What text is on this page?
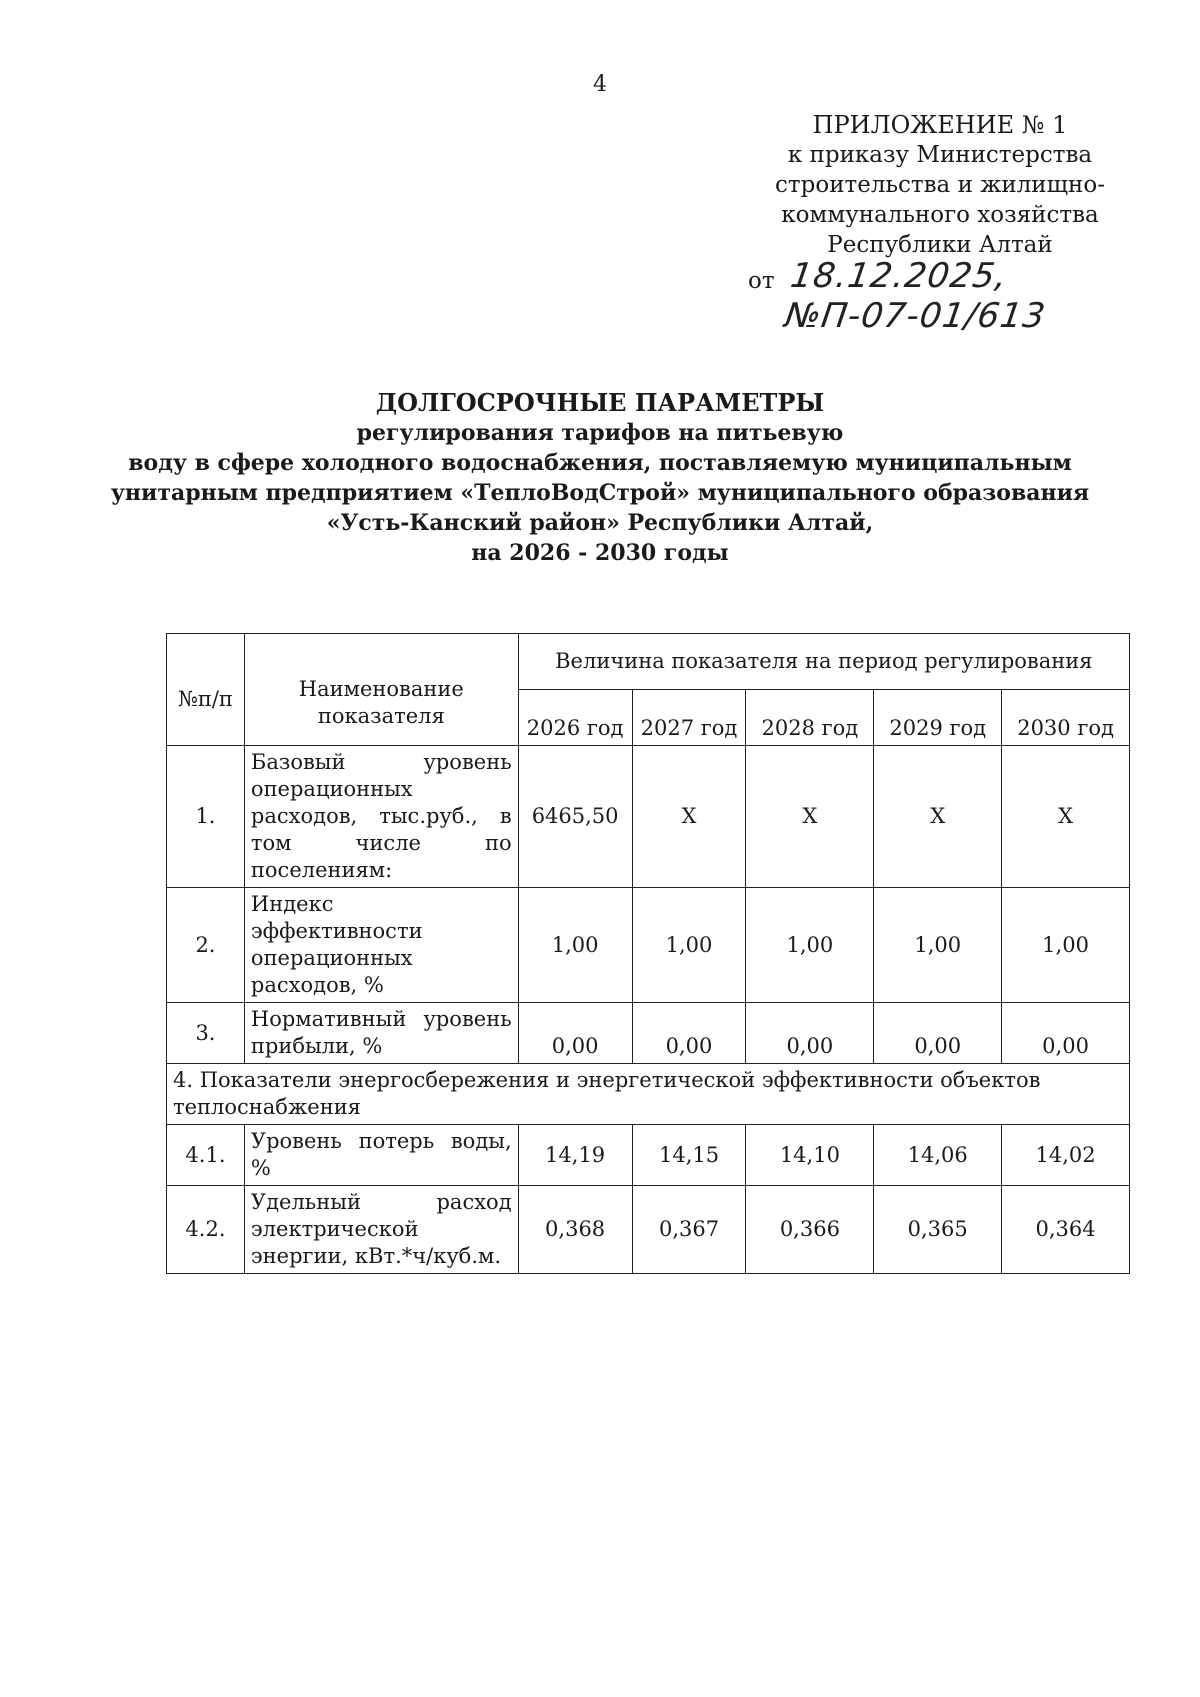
4
ПРИЛОЖЕНИЕ № 1
к приказу Министерства
строительства и жилищно-
коммунального хозяйства
Республики Алтай
от 18.12.2025, №П-07-01/613
ДОЛГОСРОЧНЫЕ ПАРАМЕТРЫ
регулирования тарифов на питьевую
воду в сфере холодного водоснабжения, поставляемую муниципальным
унитарным предприятием «ТеплоВодСтрой» муниципального образования
«Усть-Канский район» Республики Алтай,
на 2026 - 2030 годы
№п/п	Наименование показателя	Величина показателя на период регулирования				
		2026 год	2027 год	2028 год	2029 год	2030 год
1.	Базовый уровень операционных расходов, тыс.руб., в том числе по поселениям:	6465,50	Х	Х	Х	Х
2.	Индекс эффективности операционных расходов, %	1,00	1,00	1,00	1,00	1,00
3.	Нормативный уровень прибыли, %	0,00	0,00	0,00	0,00	0,00
4. Показатели энергосбережения и энергетической эффективности объектов теплоснабжения						
4.1.	Уровень потерь воды, %	14,19	14,15	14,10	14,06	14,02
4.2.	Удельный расход электрической энергии, кВт.*ч/куб.м.	0,368	0,367	0,366	0,365	0,364
